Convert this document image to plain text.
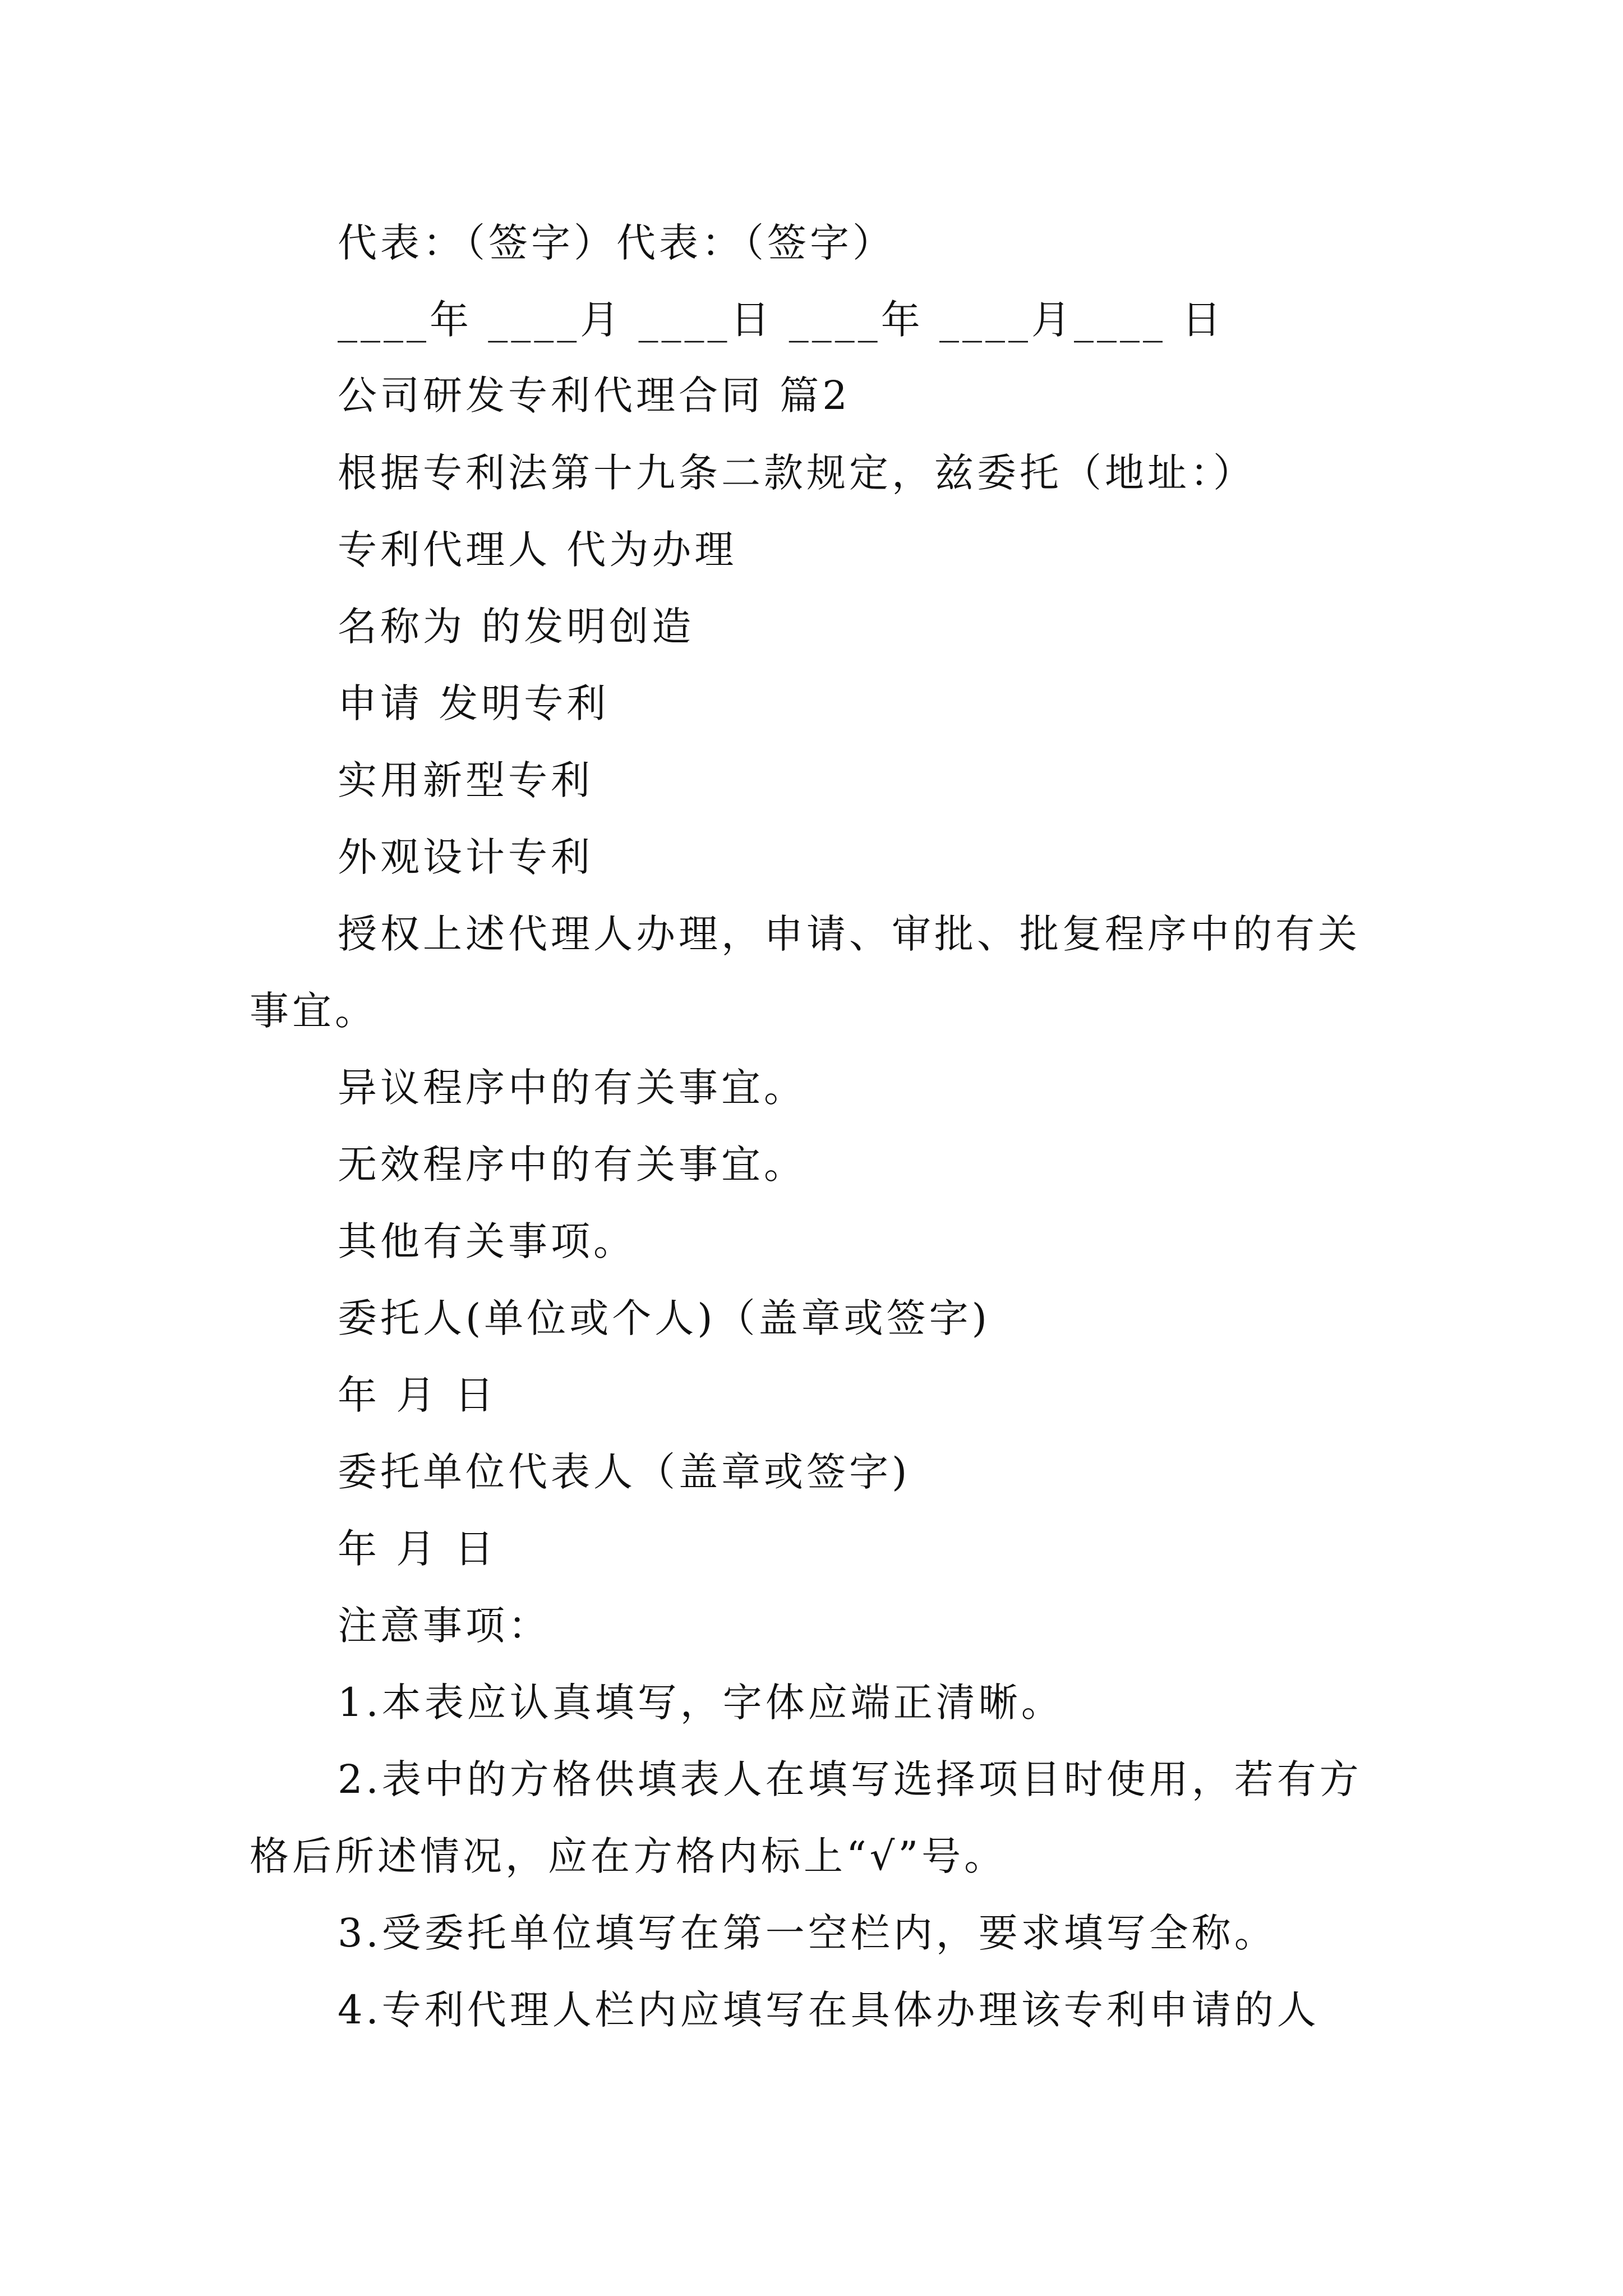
代表：（签字）代表：（签字）
____年 ____月 ____日 ____年 ____月____ 日
公司研发专利代理合同 篇2
根据专利法第十九条二款规定，兹委托（地址：）
专利代理人 代为办理
名称为 的发明创造
申请 发明专利
实用新型专利
外观设计专利
授权上述代理人办理，申请、审批、批复程序中的有关
事宜。
异议程序中的有关事宜。
无效程序中的有关事宜。
其他有关事项。
委托人(单位或个人)（盖章或签字)
年 月 日
委托单位代表人（盖章或签字)
年 月 日
注意事项：
1.本表应认真填写，字体应端正清晰。
2.表中的方格供填表人在填写选择项目时使用，若有方
格后所述情况，应在方格内标上“√”号。
3.受委托单位填写在第一空栏内，要求填写全称。
4.专利代理人栏内应填写在具体办理该专利申请的人
